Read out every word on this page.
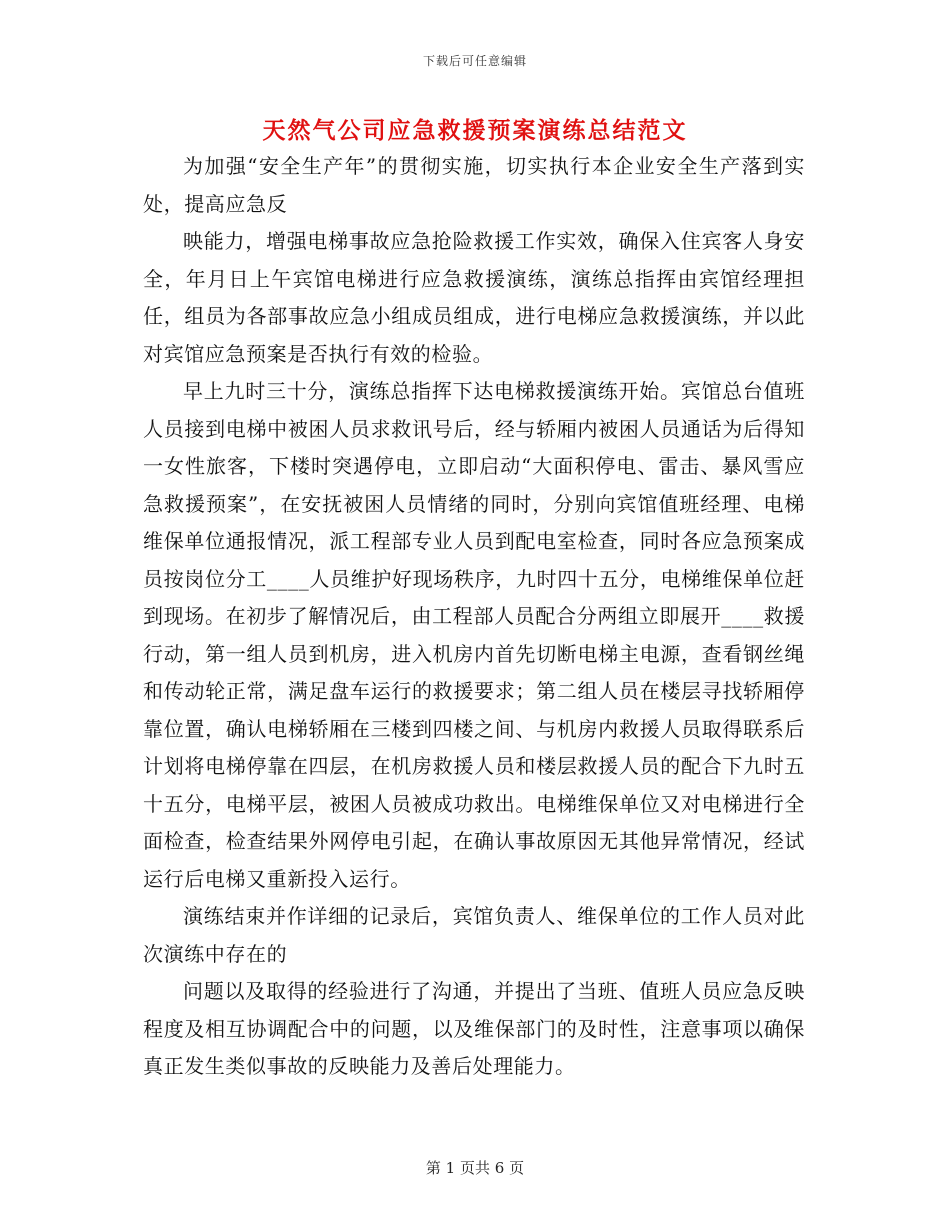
下载后可任意编辑
天然气公司应急救援预案演练总结范文

为加强“安全生产年”的贯彻实施，切实执行本企业安全生产落到实处，提高应急反

映能力，增强电梯事故应急抢险救援工作实效，确保入住宾客人身安全，年月日上午宾馆电梯进行应急救援演练，演练总指挥由宾馆经理担任，组员为各部事故应急小组成员组成，进行电梯应急救援演练，并以此对宾馆应急预案是否执行有效的检验。

早上九时三十分，演练总指挥下达电梯救援演练开始。宾馆总台值班人员接到电梯中被困人员求救讯号后，经与轿厢内被困人员通话为后得知一女性旅客，下楼时突遇停电，立即启动“大面积停电、雷击、暴风雪应急救援预案”，在安抚被困人员情绪的同时，分别向宾馆值班经理、电梯维保单位通报情况，派工程部专业人员到配电室检查，同时各应急预案成员按岗位分工____人员维护好现场秩序，九时四十五分，电梯维保单位赶到现场。在初步了解情况后，由工程部人员配合分两组立即展开____救援行动，第一组人员到机房，进入机房内首先切断电梯主电源，查看钢丝绳和传动轮正常，满足盘车运行的救援要求；第二组人员在楼层寻找轿厢停靠位置，确认电梯轿厢在三楼到四楼之间、与机房内救援人员取得联系后计划将电梯停靠在四层，在机房救援人员和楼层救援人员的配合下九时五十五分，电梯平层，被困人员被成功救出。电梯维保单位又对电梯进行全面检查，检查结果外网停电引起，在确认事故原因无其他异常情况，经试运行后电梯又重新投入运行。

演练结束并作详细的记录后，宾馆负责人、维保单位的工作人员对此次演练中存在的

问题以及取得的经验进行了沟通，并提出了当班、值班人员应急反映程度及相互协调配合中的问题，以及维保部门的及时性，注意事项以确保真正发生类似事故的反映能力及善后处理能力。

第 1 页共 6 页
